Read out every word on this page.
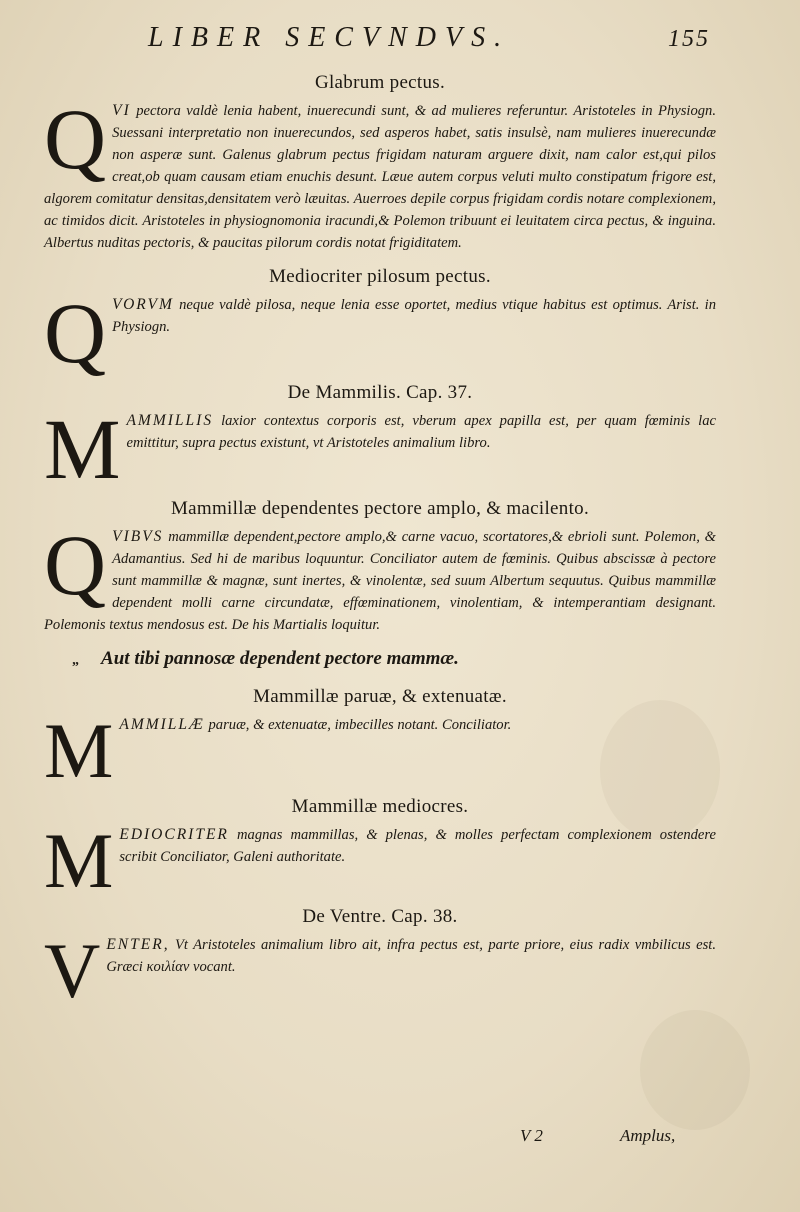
LIBER SECVNDVS.	155
Glabrum pectus.

Q VI pectora valdè lenia habent, inuerecundi sunt, & ad mulieres referuntur. Aristoteles in Physiogn. Suessani interpretatio non inuerecundos, sed asperos habet, satis insulsè, nam mulieres inuerecundæ non asperæ sunt. Galenus glabrum pectus frigidam naturam arguere dixit, nam calor est,qui pilos creat,ob quam causam etiam enuchis desunt. Læue autem corpus veluti multo constipatum frigore est, algorem comitatur densitas,densitatem verò læuitas. Auerroes depile corpus frigidam cordis notare complexionem, ac timidos dicit. Aristoteles in physiognomonia iracundi,& Polemon tribuunt ei leuitatem circa pectus, & inguina. Albertus nuditas pectoris, & paucitas pilorum cordis notat frigiditatem.

Mediocriter pilosum pectus.

Q VORVM neque valdè pilosa, neque lenia esse oportet, medius vtique habitus est optimus. Arist. in Physiogn.

De Mammilis. Cap. 37.

M AMMILLIS laxior contextus corporis est, vberum apex papilla est, per quam fœminis lac emittitur, supra pectus existunt, vt Aristoteles animalium libro.

Mammillæ dependentes pectore amplo, & macilento.

Q VIBVS mammillæ dependent,pectore amplo,& carne vacuo, scortatores,& ebrioli sunt. Polemon, & Adamantius. Sed hi de maribus loquuntur. Conciliator autem de fœminis. Quibus abscissæ à pectore sunt mammillæ & magnæ, sunt inertes, & vinolentæ, sed suum Albertum sequutus. Quibus mammillæ dependent molli carne circundatæ, effœminationem, vinolentiam, & intemperantiam designant. Polemonis textus mendosus est. De his Martialis loquitur.

„ Aut tibi pannosæ dependent pectore mammæ.
Mammillæ paruæ, & extenuatæ.

M AMMILLÆ paruæ, & extenuatæ, imbecilles notant. Conciliator.

Mammillæ mediocres.

M EDIOCRITER magnas mammillas, & plenas, & molles perfectam complexionem ostendere scribit Conciliator, Galeni authoritate.

De Ventre. Cap. 38.

V ENTER, Vt Aristoteles animalium libro ait, infra pectus est, parte priore, eius radix vmbilicus est. Græci κοιλίαν vocant.

V 2	Amplus,
